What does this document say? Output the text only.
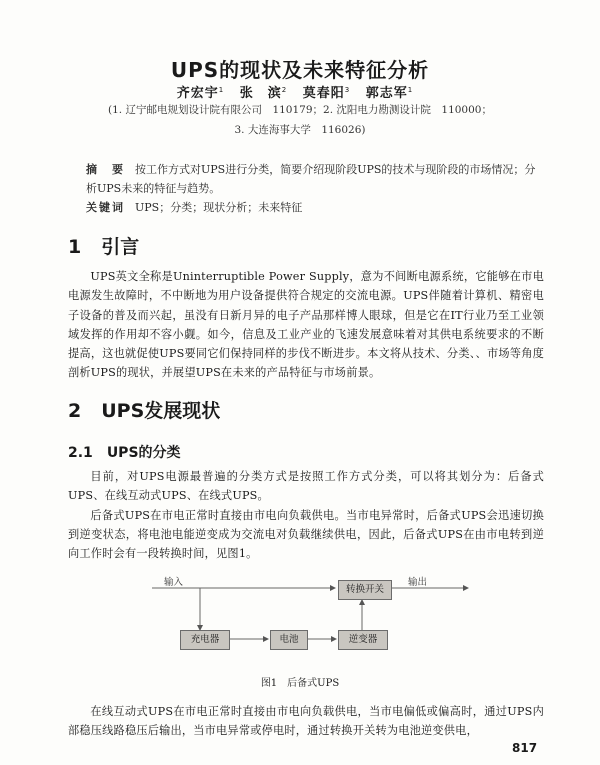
UPS的现状及未来特征分析
齐宏宇$^1$ 张　滨$^2$ 莫春阳$^3$ 郭志军$^1$
(1. 辽宁邮电规划设计院有限公司　110179；2. 沈阳电力勘测设计院　110000；
3. 大连海事大学　116026)
摘　要 按工作方式对UPS进行分类，简要介绍现阶段UPS的技术与现阶段的市场情况；分析UPS未来的特征与趋势。
关键词 UPS；分类；现状分析；未来特征
1 引言

UPS英文全称是Uninterruptible Power Supply，意为不间断电源系统，它能够在市电电源发生故障时，不中断地为用户设备提供符合规定的交流电源。UPS伴随着计算机、精密电子设备的普及而兴起，虽没有日新月异的电子产品那样博人眼球，但是它在IT行业乃至工业领域发挥的作用却不容小觑。如今，信息及工业产业的飞速发展意味着对其供电系统要求的不断提高，这也就促使UPS要同它们保持同样的步伐不断进步。本文将从技术、分类、、市场等角度剖析UPS的现状，并展望UPS在未来的产品特征与市场前景。

2 UPS发展现状
2.1 UPS的分类

目前，对UPS电源最普遍的分类方式是按照工作方式分类，可以将其划分为：后备式UPS、在线互动式UPS、在线式UPS。

后备式UPS在市电正常时直接由市电向负载供电。当市电异常时，后备式UPS会迅速切换到逆变状态，将电池电能逆变成为交流电对负载继续供电，因此，后备式UPS在由市电转到逆向工作时会有一段转换时间，见图1。

输入	输出
转换开关
充电器	电池	逆变器
图1　后备式UPS

在线互动式UPS在市电正常时直接由市电向负载供电，当市电偏低或偏高时，通过UPS内部稳压线路稳压后输出，当市电异常或停电时，通过转换开关转为电池逆变供电，

817
